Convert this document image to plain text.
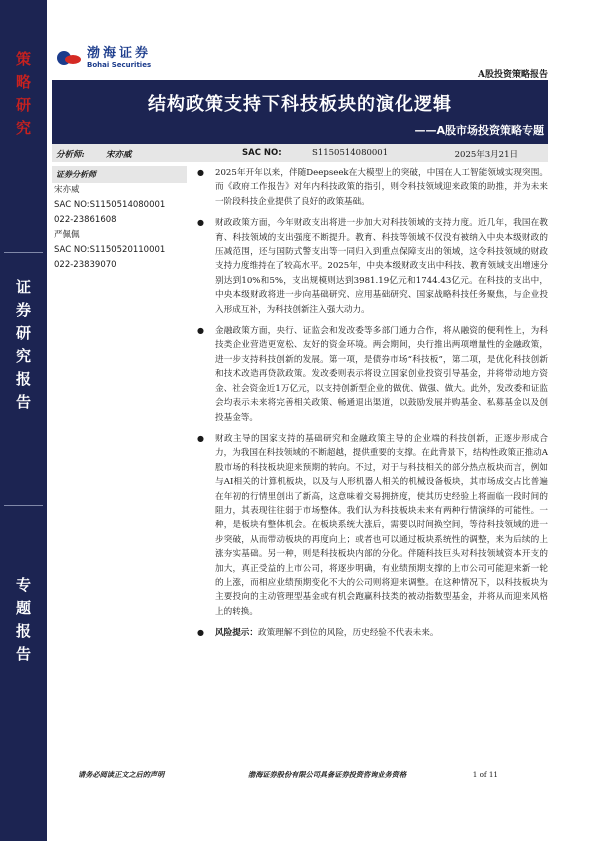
策
略
研
究
证
券
研
究
报
告
专
题
报
告
渤海证券
Bohai Securities
A股投资策略报告
结构政策支持下科技板块的演化逻辑
——A股市场投资策略专题
分析师:	宋亦威	SAC NO:	S1150514080001	2025年3月21日
证券分析师
宋亦威
SAC NO:S1150514080001
022-23861608
严佩佩
SAC NO:S1150520110001
022-23839070
● 2025年开年以来，伴随Deepseek在大模型上的突破，中国在人工智能领域实现突围。而《政府工作报告》对年内科技政策的指引，则令科技领域迎来政策的助推，并为未来一阶段科技企业提供了良好的政策基础。
● 财政政策方面，今年财政支出将进一步加大对科技领域的支持力度。近几年，我国在教育、科技领域的支出强度不断提升。教育、科技等领域不仅没有被纳入中央本级财政的压减范围，还与国防式警支出等一同归入到重点保障支出的领域，这令科技领域的财政支持力度维持在了较高水平。2025年，中央本级财政支出中科技、教育领域支出增速分别达到10%和5%，支出规模则达到3981.19亿元和1744.43亿元。在科技的支出中，中央本级财政将进一步向基础研究、应用基础研究、国家战略科技任务聚焦，与企业投入形成互补，为科技创新注入强大动力。
● 金融政策方面，央行、证监会和发改委等多部门通力合作，将从融资的便利性上，为科技类企业营造更宽松、友好的资金环境。两会期间，央行推出两项增量性的金融政策，进一步支持科技创新的发展。第一项，是债券市场“科技板”，第二项，是优化科技创新和技术改造再贷款政策。发改委则表示将设立国家创业投资引导基金，并将带动地方资金、社会资金近1万亿元，以支持创新型企业的做优、做强、做大。此外，发改委和证监会均表示未来将完善相关政策、畅通退出渠道，以鼓励发展并购基金、私募基金以及创投基金等。
● 财政主导的国家支持的基础研究和金融政策主导的企业端的科技创新，正逐步形成合力，为我国在科技领域的不断超越，提供重要的支撑。在此背景下，结构性政策正推动A股市场的科技板块迎来预期的转向。不过，对于与科技相关的部分热点板块而言，例如与AI相关的计算机板块，以及与人形机器人相关的机械设备板块，其市场成交占比普遍在年初的行情里创出了新高，这意味着交易拥挤度，使其历史经验上将面临一段时间的阻力，其表现往往弱于市场整体。我们认为科技板块未来有两种行情演绎的可能性。一种，是板块有整体机会。在板块系统大涨后，需要以时间换空间，等待科技领域的进一步突破，从而带动板块的再度向上；或者也可以通过板块系统性的调整，来为后续的上涨夯实基础。另一种，则是科技板块内部的分化。伴随科技巨头对科技领域资本开支的加大，真正受益的上市公司，将逐步明确，有业绩预期支撑的上市公司可能迎来新一轮的上涨，而相应业绩预期变化不大的公司则将迎来调整。在这种情况下，以科技板块为主要投向的主动管理型基金或有机会跑赢科技类的被动指数型基金，并将从而迎来风格上的转换。
● 风险提示：政策理解不到位的风险，历史经验不代表未来。
请务必阅读正文之后的声明	渤海证券股份有限公司具备证券投资咨询业务资格	1 of 11
